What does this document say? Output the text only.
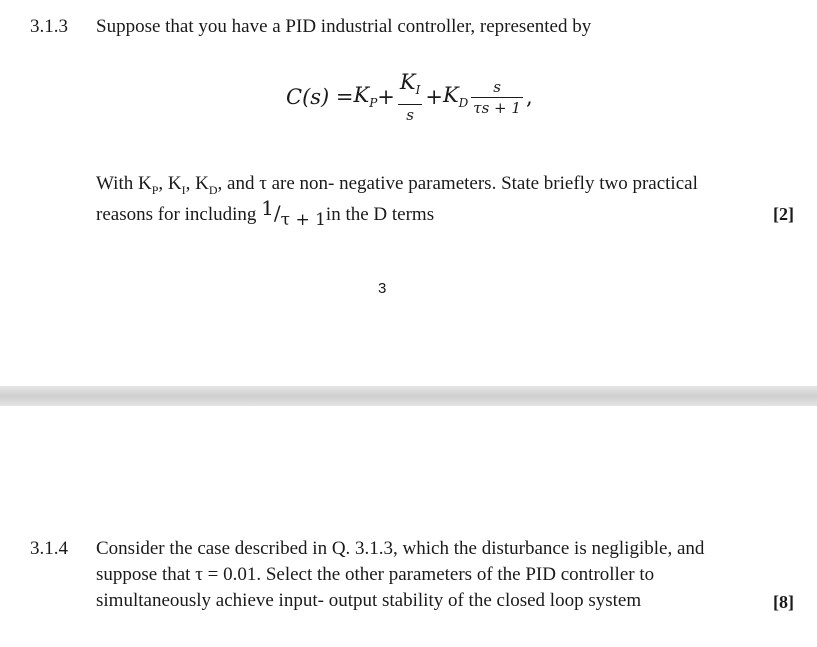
3.1.3 Suppose that you have a PID industrial controller, represented by
$C(s) = K_P + \frac{K_I}{s} + K_D \frac{s}{\tau s + 1}$ ,
With $K_P$, $K_I$, $K_D$, and τ are non- negative parameters. State briefly two practical
reasons for including $1/_{\tau + 1}in$ the D terms	[2]
3
3.1.4 Consider the case described in Q. 3.1.3, which the disturbance is negligible, and
suppose that τ = 0.01. Select the other parameters of the PID controller to
simultaneously achieve input- output stability of the closed loop system	[8]
